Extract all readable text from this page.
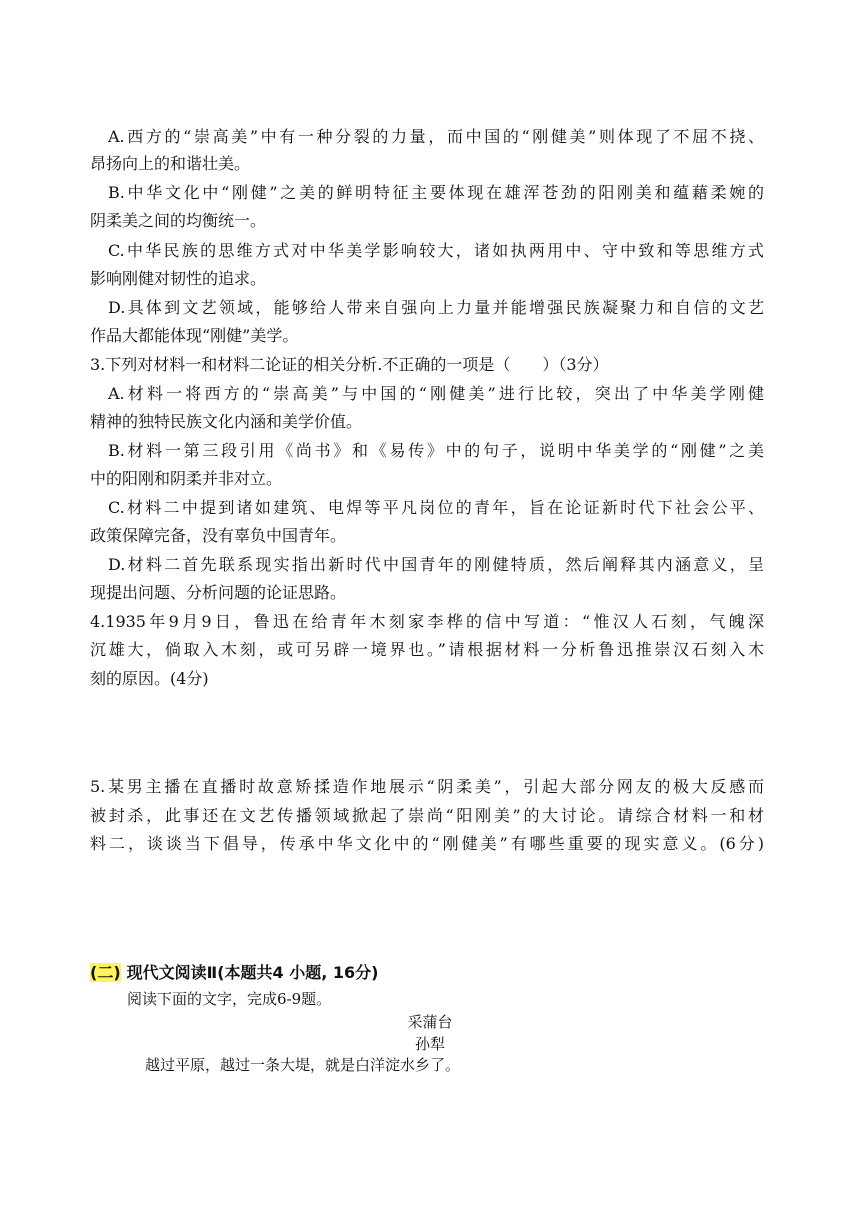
A.西方的“崇高美”中有一种分裂的力量，而中国的“刚健美”则体现了不屈不挠、
昂扬向上的和谐壮美。
B.中华文化中“刚健”之美的鲜明特征主要体现在雄浑苍劲的阳刚美和蕴藉柔婉的
阴柔美之间的均衡统一。
C.中华民族的思维方式对中华美学影响较大，诸如执两用中、守中致和等思维方式
影响刚健对韧性的追求。
D.具体到文艺领域，能够给人带来自强向上力量并能增强民族凝聚力和自信的文艺
作品大都能体现“刚健”美学。
3.下列对材料一和材料二论证的相关分析.不正确的一项是（　　）（3分）
A.材料一将西方的“崇高美”与中国的“刚健美”进行比较，突出了中华美学刚健
精神的独特民族文化内涵和美学价值。
B.材料一第三段引用《尚书》和《易传》中的句子，说明中华美学的“刚健”之美
中的阳刚和阴柔并非对立。
C.材料二中提到诸如建筑、电焊等平凡岗位的青年，旨在论证新时代下社会公平、
政策保障完备，没有辜负中国青年。
D.材料二首先联系现实指出新时代中国青年的刚健特质，然后阐释其内涵意义，呈
现提出问题、分析问题的论证思路。
4.1935年9月9日，鲁迅在给青年木刻家李桦的信中写道：“惟汉人石刻，气魄深
沉雄大，倘取入木刻，或可另辟一境界也。”请根据材料一分析鲁迅推崇汉石刻入木
刻的原因。(4分)
5.某男主播在直播时故意矫揉造作地展示“阴柔美”，引起大部分网友的极大反感而
被封杀，此事还在文艺传播领域掀起了崇尚“阳刚美”的大讨论。请综合材料一和材
料二，谈谈当下倡导，传承中华文化中的“刚健美”有哪些重要的现实意义。(6分)
(二) 现代文阅读Ⅱ(本题共4 小题, 16分)
阅读下面的文字，完成6-9题。
采蒲台
孙犁
越过平原，越过一条大堤，就是白洋淀水乡了。
